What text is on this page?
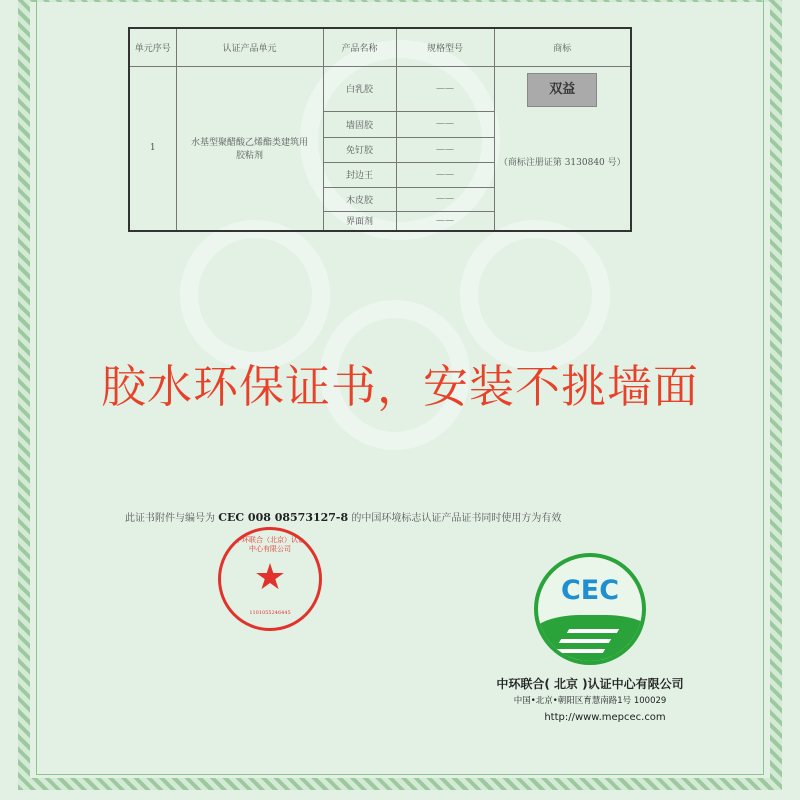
单元序号	认证产品单元	产品名称	规格型号	商标
1	水基型聚醋酸乙烯酯类建筑用胶粘剂	白乳胶	——	双益
（商标注册证第 3130840 号）

		墙固胶	——	
		免钉胶	——	
		封边王	——	
		木皮胶	——	
		界面剂	——	
胶水环保证书，安装不挑墙面
此证书附件与编号为 CEC 008 08573127-8 的中国环境标志认证产品证书同时使用方为有效
中环联合（北京）认证中心有限公司
★
1101055246445
CEC
中环联合( 北京 )认证中心有限公司
中国•北京•朝阳区育慧南路1号 100029
http://www.mepcec.com
